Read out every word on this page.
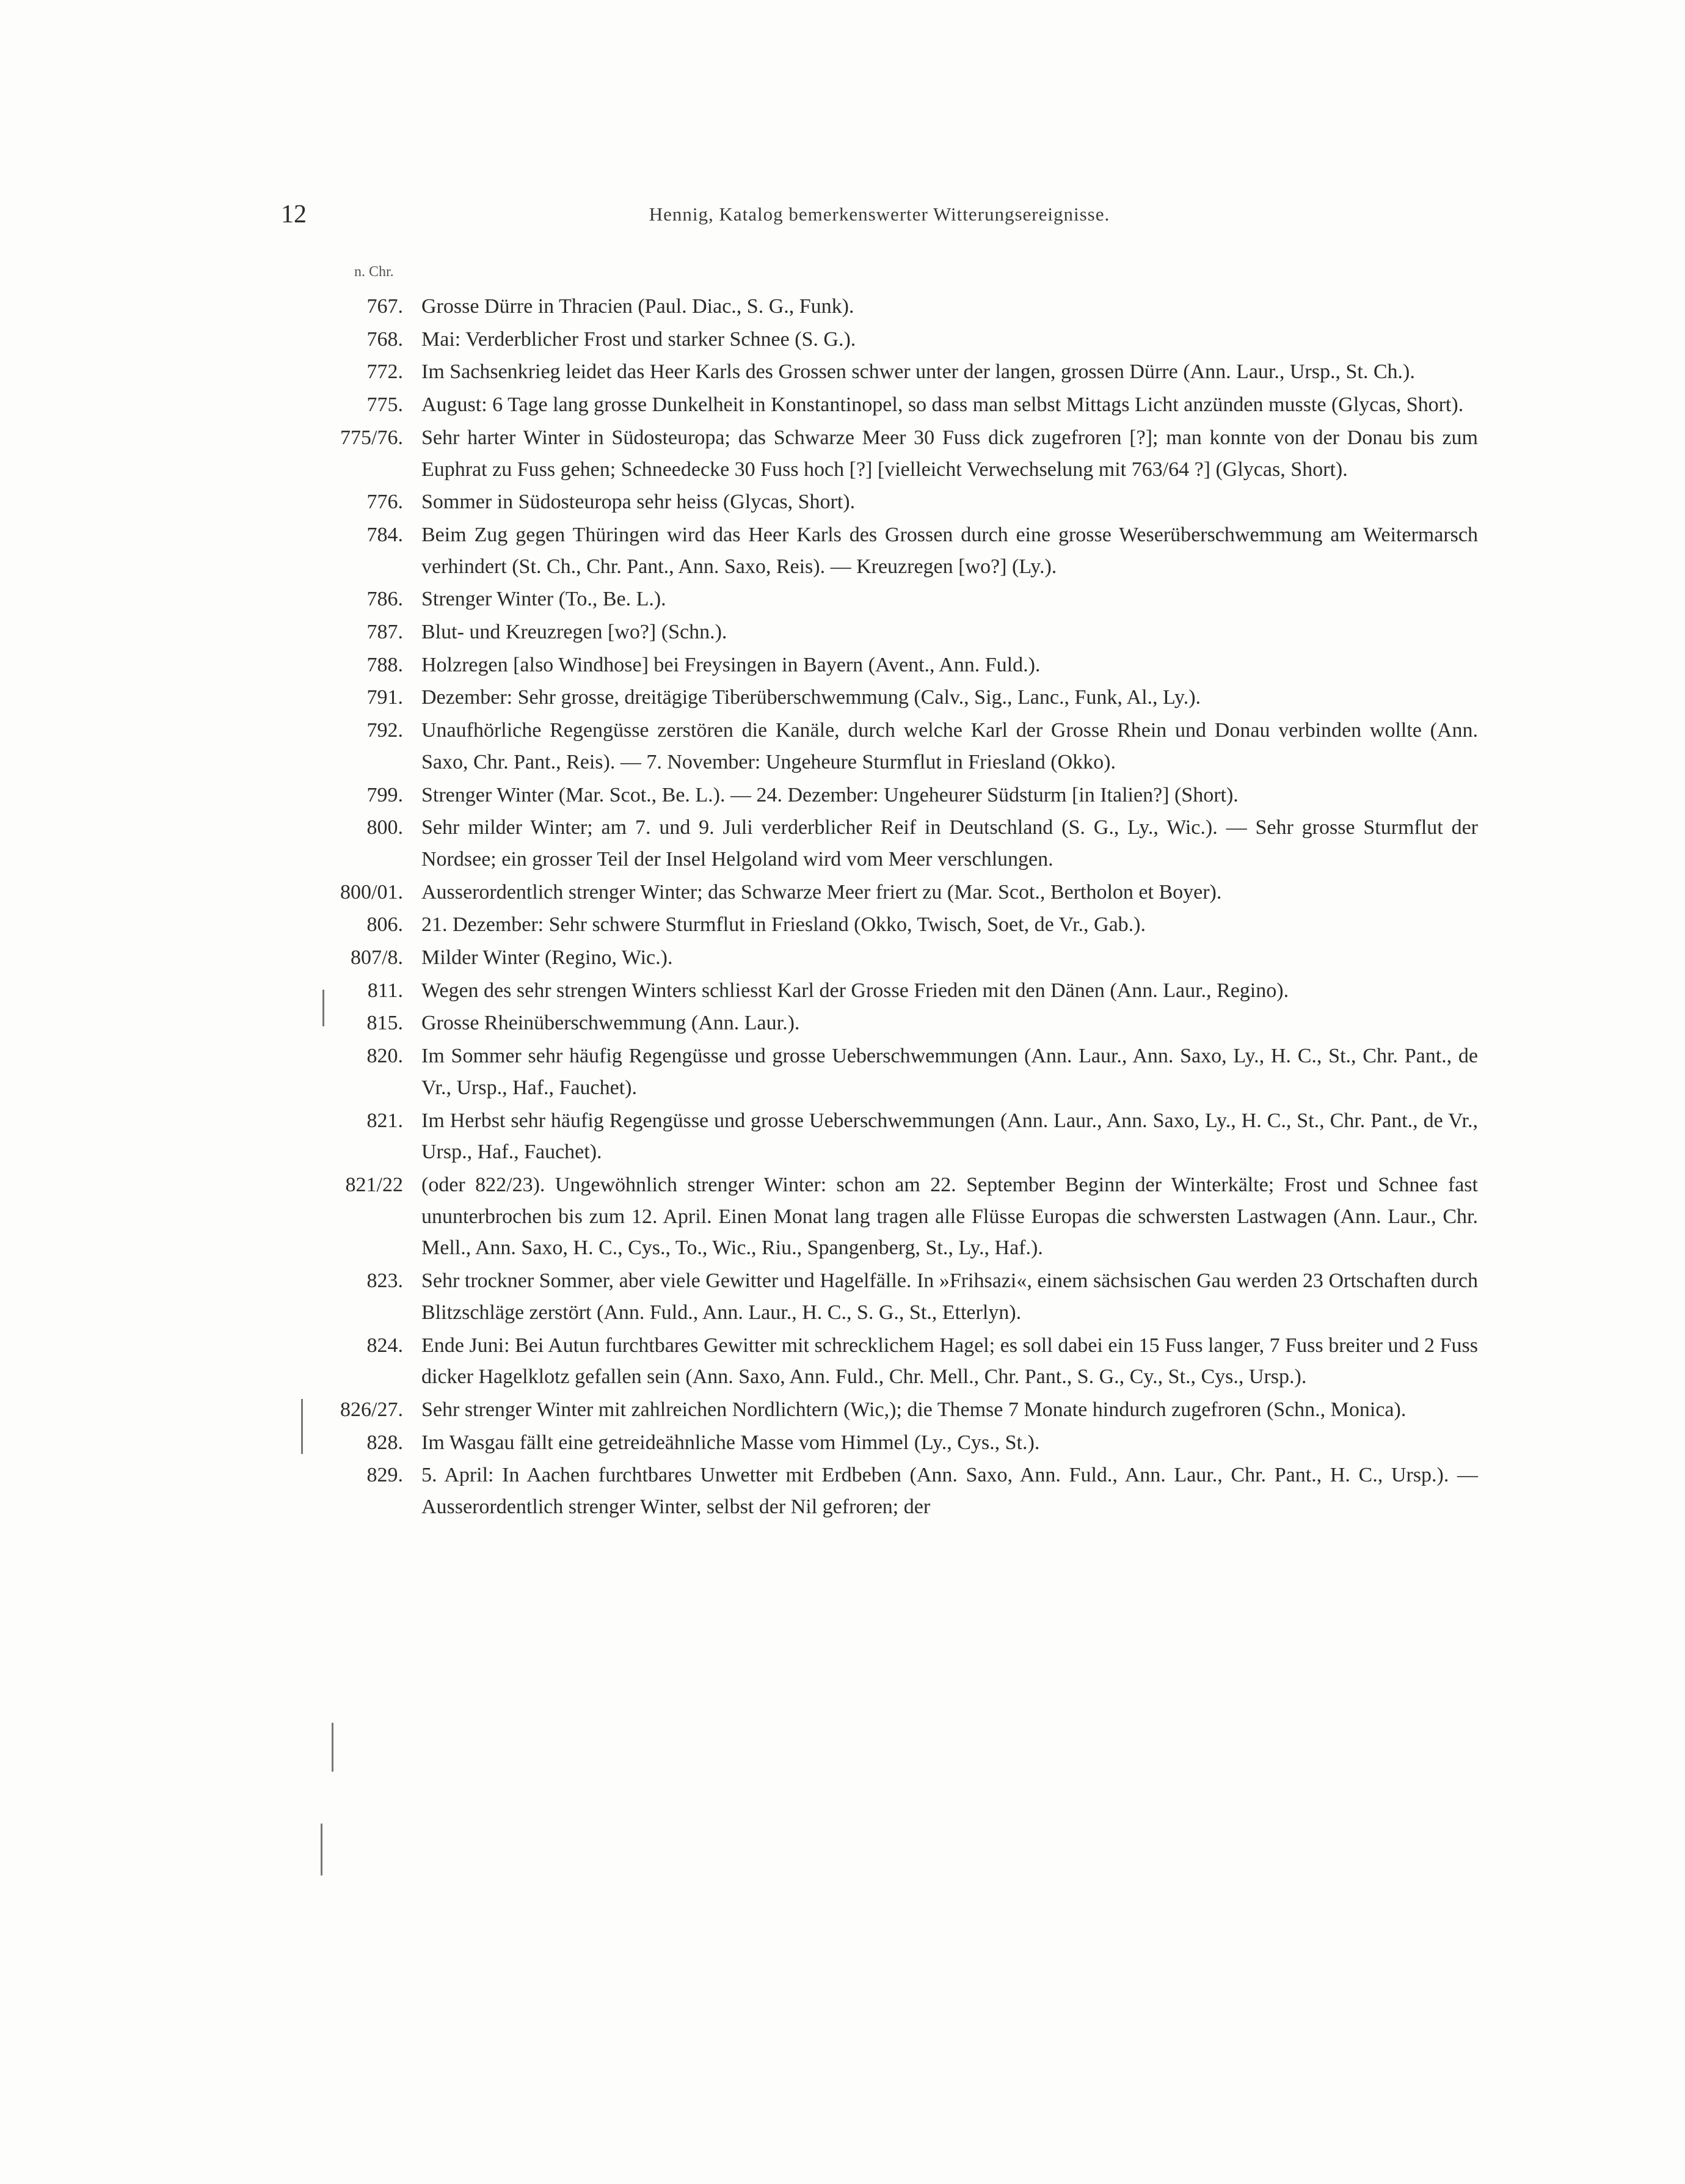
12	Hennig, Katalog bemerkenswerter Witterungsereignisse.
n. Chr.
767. Grosse Dürre in Thracien (Paul. Diac., S. G., Funk).
768. Mai: Verderblicher Frost und starker Schnee (S. G.).
772. Im Sachsenkrieg leidet das Heer Karls des Grossen schwer unter der langen, grossen Dürre (Ann. Laur., Ursp., St. Ch.).
775. August: 6 Tage lang grosse Dunkelheit in Konstantinopel, so dass man selbst Mittags Licht anzünden musste (Glycas, Short).
775/76. Sehr harter Winter in Südosteuropa; das Schwarze Meer 30 Fuss dick zugefroren [?]; man konnte von der Donau bis zum Euphrat zu Fuss gehen; Schneedecke 30 Fuss hoch [?] [vielleicht Verwechselung mit 763/64 ?] (Glycas, Short).
776. Sommer in Südosteuropa sehr heiss (Glycas, Short).
784. Beim Zug gegen Thüringen wird das Heer Karls des Grossen durch eine grosse Weserüberschwemmung am Weitermarsch verhindert (St. Ch., Chr. Pant., Ann. Saxo, Reis). — Kreuzregen [wo?] (Ly.).
786. Strenger Winter (To., Be. L.).
787. Blut- und Kreuzregen [wo?] (Schn.).
788. Holzregen [also Windhose] bei Freysingen in Bayern (Avent., Ann. Fuld.).
791. Dezember: Sehr grosse, dreitägige Tiberüberschwemmung (Calv., Sig., Lanc., Funk, Al., Ly.).
792. Unaufhörliche Regengüsse zerstören die Kanäle, durch welche Karl der Grosse Rhein und Donau verbinden wollte (Ann. Saxo, Chr. Pant., Reis). — 7. November: Ungeheure Sturmflut in Friesland (Okko).
799. Strenger Winter (Mar. Scot., Be. L.). — 24. Dezember: Ungeheurer Südsturm [in Italien?] (Short).
800. Sehr milder Winter; am 7. und 9. Juli verderblicher Reif in Deutschland (S. G., Ly., Wic.). — Sehr grosse Sturmflut der Nordsee; ein grosser Teil der Insel Helgoland wird vom Meer verschlungen.
800/01. Ausserordentlich strenger Winter; das Schwarze Meer friert zu (Mar. Scot., Bertholon et Boyer).
806. 21. Dezember: Sehr schwere Sturmflut in Friesland (Okko, Twisch, Soet, de Vr., Gab.).
807/8. Milder Winter (Regino, Wic.).
811. Wegen des sehr strengen Winters schliesst Karl der Grosse Frieden mit den Dänen (Ann. Laur., Regino).
815. Grosse Rheinüberschwemmung (Ann. Laur.).
820. Im Sommer sehr häufig Regengüsse und grosse Ueberschwemmungen (Ann. Laur., Ann. Saxo, Ly., H. C., St., Chr. Pant., de Vr., Ursp., Haf., Fauchet).
821. Im Herbst sehr häufig Regengüsse und grosse Ueberschwemmungen (Ann. Laur., Ann. Saxo, Ly., H. C., St., Chr. Pant., de Vr., Ursp., Haf., Fauchet).
821/22 (oder 822/23). Ungewöhnlich strenger Winter: schon am 22. September Beginn der Winterkälte; Frost und Schnee fast ununterbrochen bis zum 12. April. Einen Monat lang tragen alle Flüsse Europas die schwersten Lastwagen (Ann. Laur., Chr. Mell., Ann. Saxo, H. C., Cys., To., Wic., Riu., Spangenberg, St., Ly., Haf.).
823. Sehr trockner Sommer, aber viele Gewitter und Hagelfälle. In »Frihsazi«, einem sächsischen Gau werden 23 Ortschaften durch Blitzschläge zerstört (Ann. Fuld., Ann. Laur., H. C., S. G., St., Etterlyn).
824. Ende Juni: Bei Autun furchtbares Gewitter mit schrecklichem Hagel; es soll dabei ein 15 Fuss langer, 7 Fuss breiter und 2 Fuss dicker Hagelklotz gefallen sein (Ann. Saxo, Ann. Fuld., Chr. Mell., Chr. Pant., S. G., Cy., St., Cys., Ursp.).
826/27. Sehr strenger Winter mit zahlreichen Nordlichtern (Wic,); die Themse 7 Monate hindurch zugefroren (Schn., Monica).
828. Im Wasgau fällt eine getreideähnliche Masse vom Himmel (Ly., Cys., St.).
829. 5. April: In Aachen furchtbares Unwetter mit Erdbeben (Ann. Saxo, Ann. Fuld., Ann. Laur., Chr. Pant., H. C., Ursp.). — Ausserordentlich strenger Winter, selbst der Nil gefroren; der
